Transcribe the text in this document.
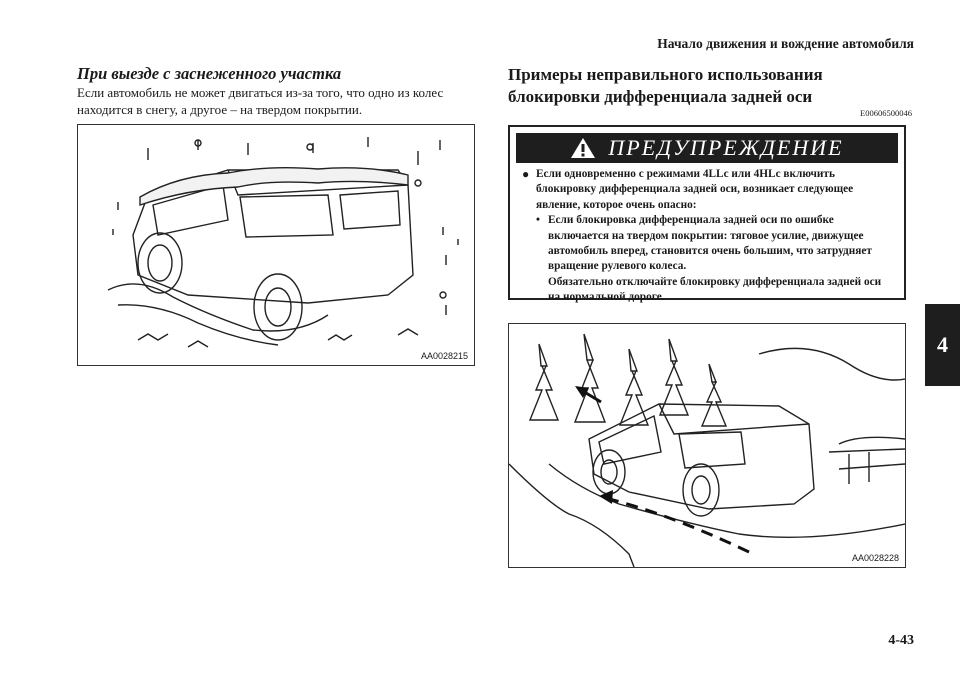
Начало движения и вождение автомобиля
4
4-43
При выезде с заснеженного участка
Если автомобиль не может двигаться из-за того, что одно из колес находится в снегу, а другое – на твердом покрытии.
AA0028215
Примеры неправильного использования блокировки дифференциала задней оси
E00606500046
ПРЕДУПРЕЖДЕНИЕ
● Если одновременно с режимами 4LLc или 4HLc включить блокировку дифференциала задней оси, возникает следующее явление, которое очень опасно:
• Если блокировка дифференциала задней оси по ошибке включается на твердом покрытии: тяговое усилие, движущее автомобиль вперед, становится очень большим, что затрудняет вращение рулевого колеса.
Обязательно отключайте блокировку дифференциала задней оси на нормальной дороге.
AA0028228
